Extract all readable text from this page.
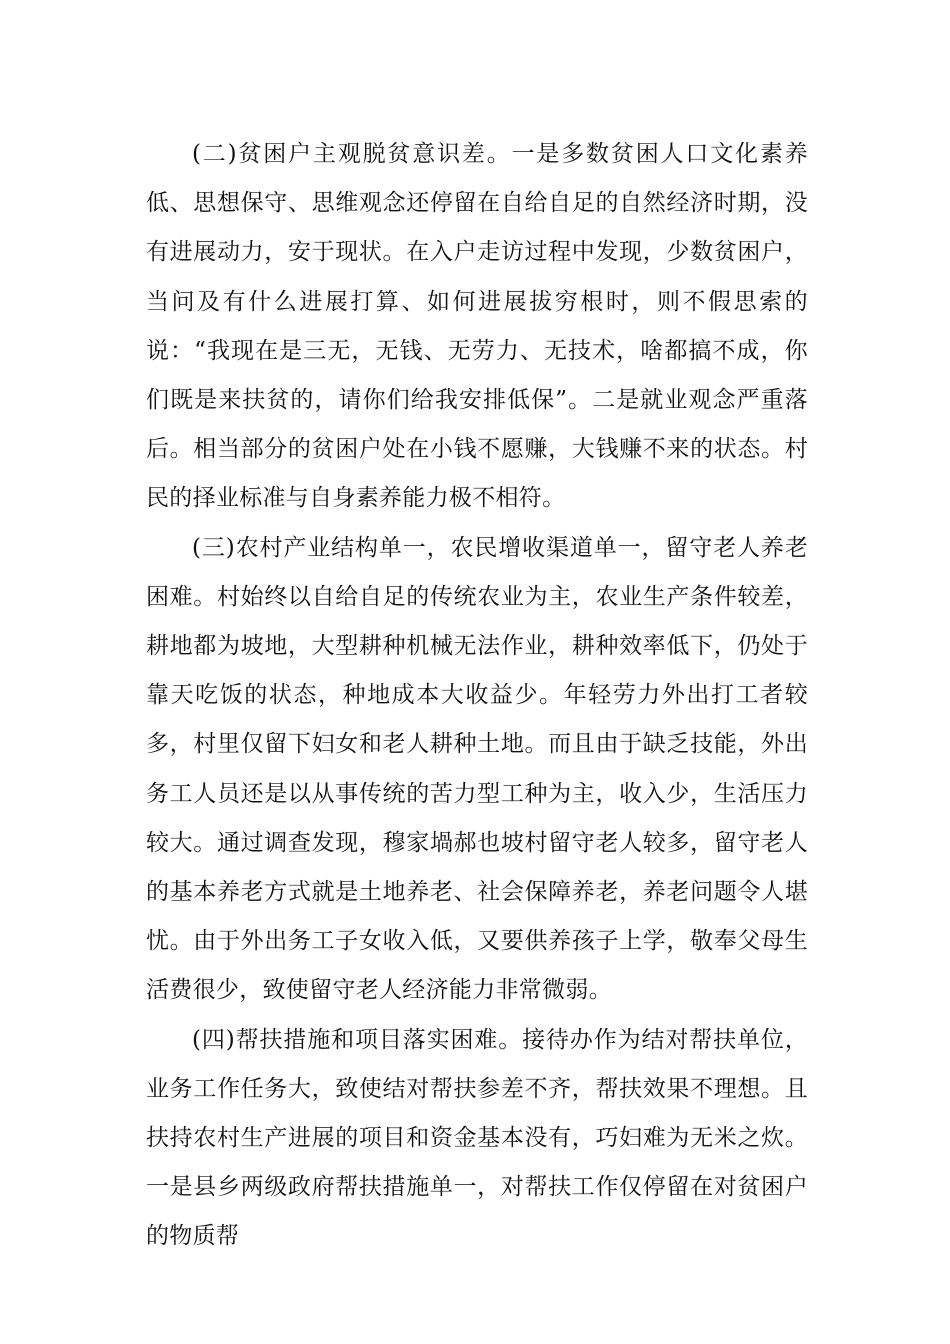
(二)贫困户主观脱贫意识差。一是多数贫困人口文化素养低、思想保守、思维观念还停留在自给自足的自然经济时期，没有进展动力，安于现状。在入户走访过程中发现，少数贫困户，当问及有什么进展打算、如何进展拔穷根时，则不假思索的说：“我现在是三无，无钱、无劳力、无技术，啥都搞不成，你们既是来扶贫的，请你们给我安排低保”。二是就业观念严重落后。相当部分的贫困户处在小钱不愿赚，大钱赚不来的状态。村民的择业标准与自身素养能力极不相符。

(三)农村产业结构单一，农民增收渠道单一，留守老人养老困难。村始终以自给自足的传统农业为主，农业生产条件较差，耕地都为坡地，大型耕种机械无法作业，耕种效率低下，仍处于靠天吃饭的状态，种地成本大收益少。年轻劳力外出打工者较多，村里仅留下妇女和老人耕种土地。而且由于缺乏技能，外出务工人员还是以从事传统的苦力型工种为主，收入少，生活压力较大。通过调查发现，穆家堝郝也坡村留守老人较多，留守老人的基本养老方式就是土地养老、社会保障养老，养老问题令人堪忧。由于外出务工子女收入低，又要供养孩子上学，敬奉父母生活费很少，致使留守老人经济能力非常微弱。

(四)帮扶措施和项目落实困难。接待办作为结对帮扶单位，业务工作任务大，致使结对帮扶参差不齐，帮扶效果不理想。且扶持农村生产进展的项目和资金基本没有，巧妇难为无米之炊。一是县乡两级政府帮扶措施单一，对帮扶工作仅停留在对贫困户的物质帮
